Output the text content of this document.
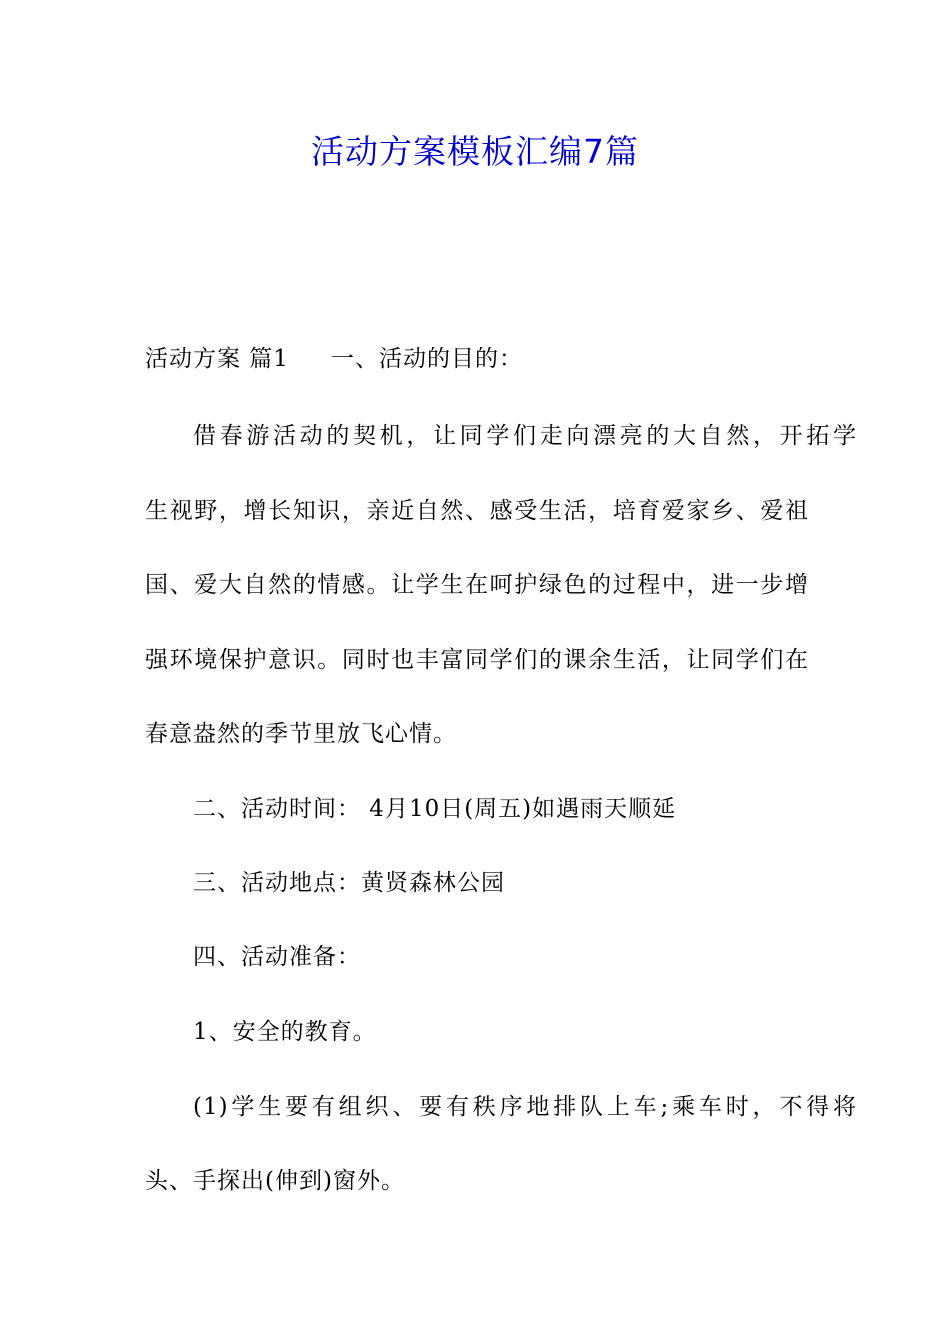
活动方案模板汇编7篇
活动方案 篇1 一、活动的目的：
借春游活动的契机，让同学们走向漂亮的大自然，开拓学
生视野，增长知识，亲近自然、感受生活，培育爱家乡、爱祖
国、爱大自然的情感。让学生在呵护绿色的过程中，进一步增
强环境保护意识。同时也丰富同学们的课余生活，让同学们在
春意盎然的季节里放飞心情。
二、活动时间： 4月10日(周五)如遇雨天顺延
三、活动地点：黄贤森林公园
四、活动准备：
1、安全的教育。
(1)学生要有组织、要有秩序地排队上车;乘车时，不得将
头、手探出(伸到)窗外。
